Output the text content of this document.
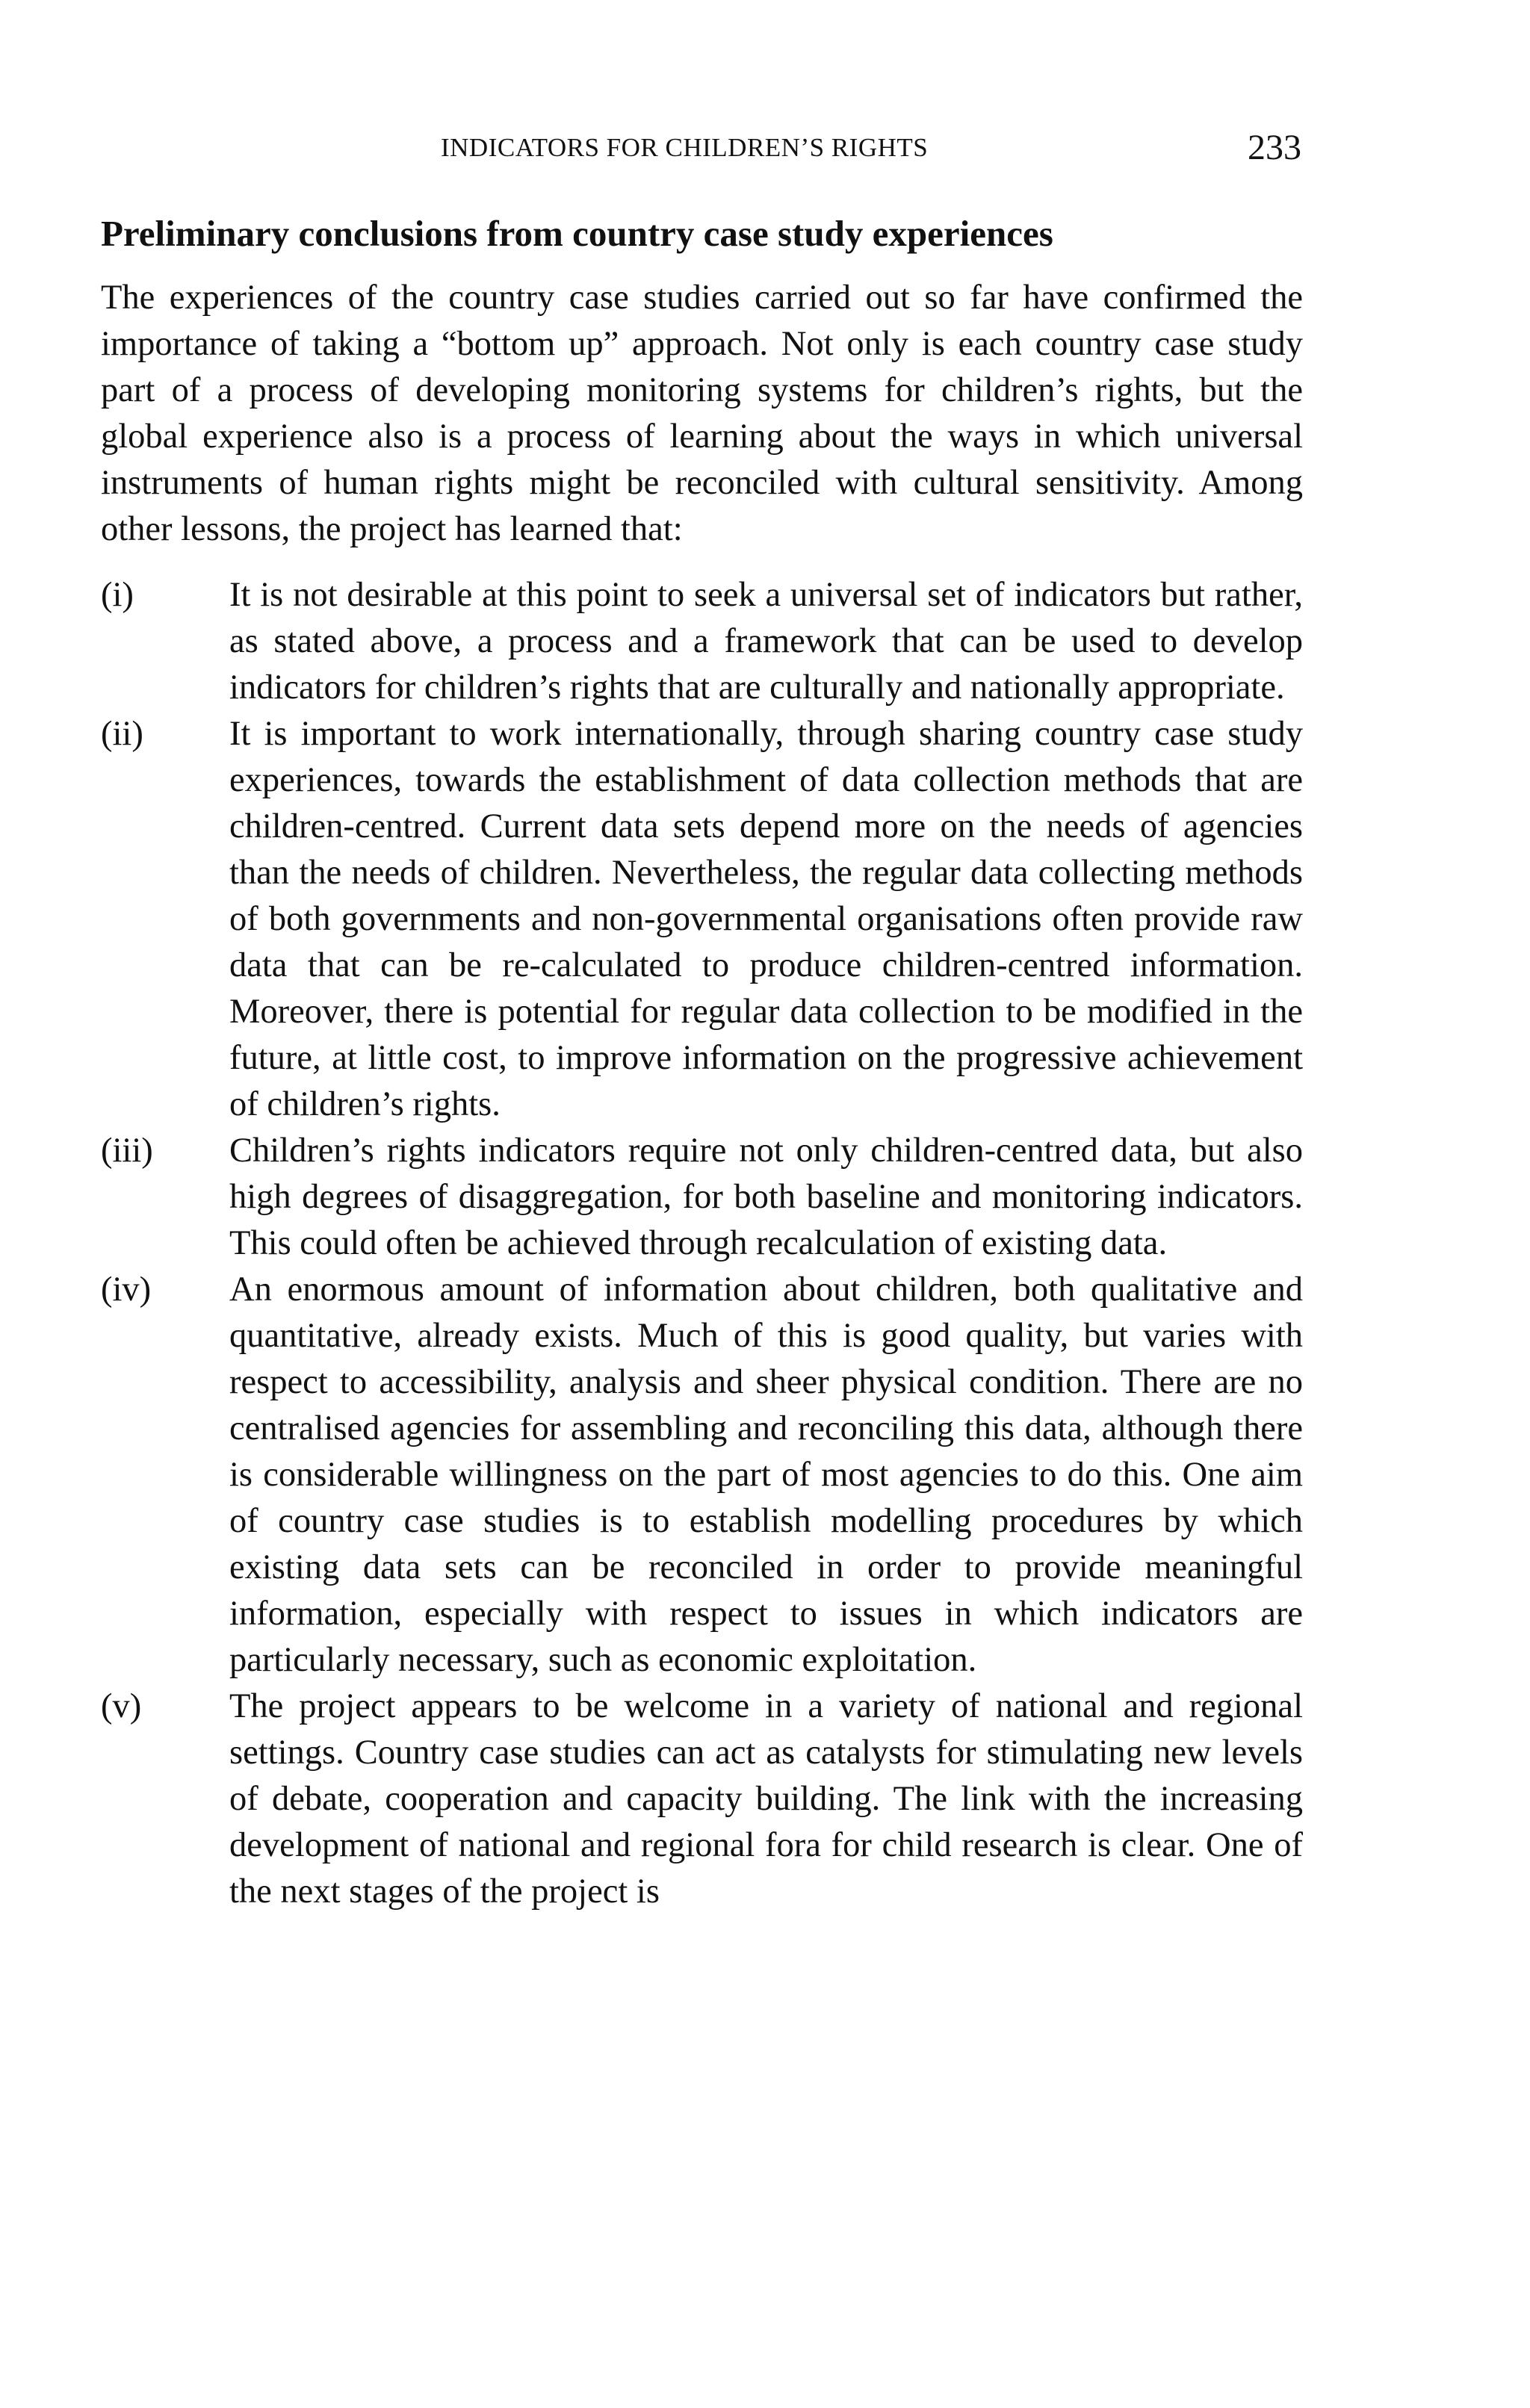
INDICATORS FOR CHILDREN’S RIGHTS	233
Preliminary conclusions from country case study experiences
The experiences of the country case studies carried out so far have confirmed the importance of taking a “bottom up” approach. Not only is each country case study part of a process of developing monitoring systems for children’s rights, but the global experience also is a process of learning about the ways in which universal instruments of human rights might be reconciled with cultural sensitivity. Among other lessons, the project has learned that:
(i)	It is not desirable at this point to seek a universal set of indicators but rather, as stated above, a process and a framework that can be used to develop indicators for children’s rights that are culturally and nationally appropriate.
(ii) It is important to work internationally, through sharing country case study experiences, towards the establishment of data collection methods that are children-centred. Current data sets depend more on the needs of agencies than the needs of children. Nevertheless, the regular data collecting methods of both governments and non-governmental organisations often provide raw data that can be re-calculated to produce children-centred information. Moreover, there is potential for regular data collection to be modified in the future, at little cost, to improve information on the progressive achievement of children’s rights.
(iii) Children’s rights indicators require not only children-centred data, but also high degrees of disaggregation, for both baseline and monitoring indicators. This could often be achieved through recalculation of existing data.
(iv) An enormous amount of information about children, both qualitative and quantitative, already exists. Much of this is good quality, but varies with respect to accessibility, analysis and sheer physical condition. There are no centralised agencies for assembling and reconciling this data, although there is considerable willingness on the part of most agencies to do this. One aim of country case studies is to establish modelling procedures by which existing data sets can be reconciled in order to provide meaningful information, especially with respect to issues in which indicators are particularly necessary, such as economic exploitation.
(v)	The project appears to be welcome in a variety of national and regional settings. Country case studies can act as catalysts for stimulating new levels of debate, cooperation and capacity building. The link with the increasing development of national and regional fora for child research is clear. One of the next stages of the project is
